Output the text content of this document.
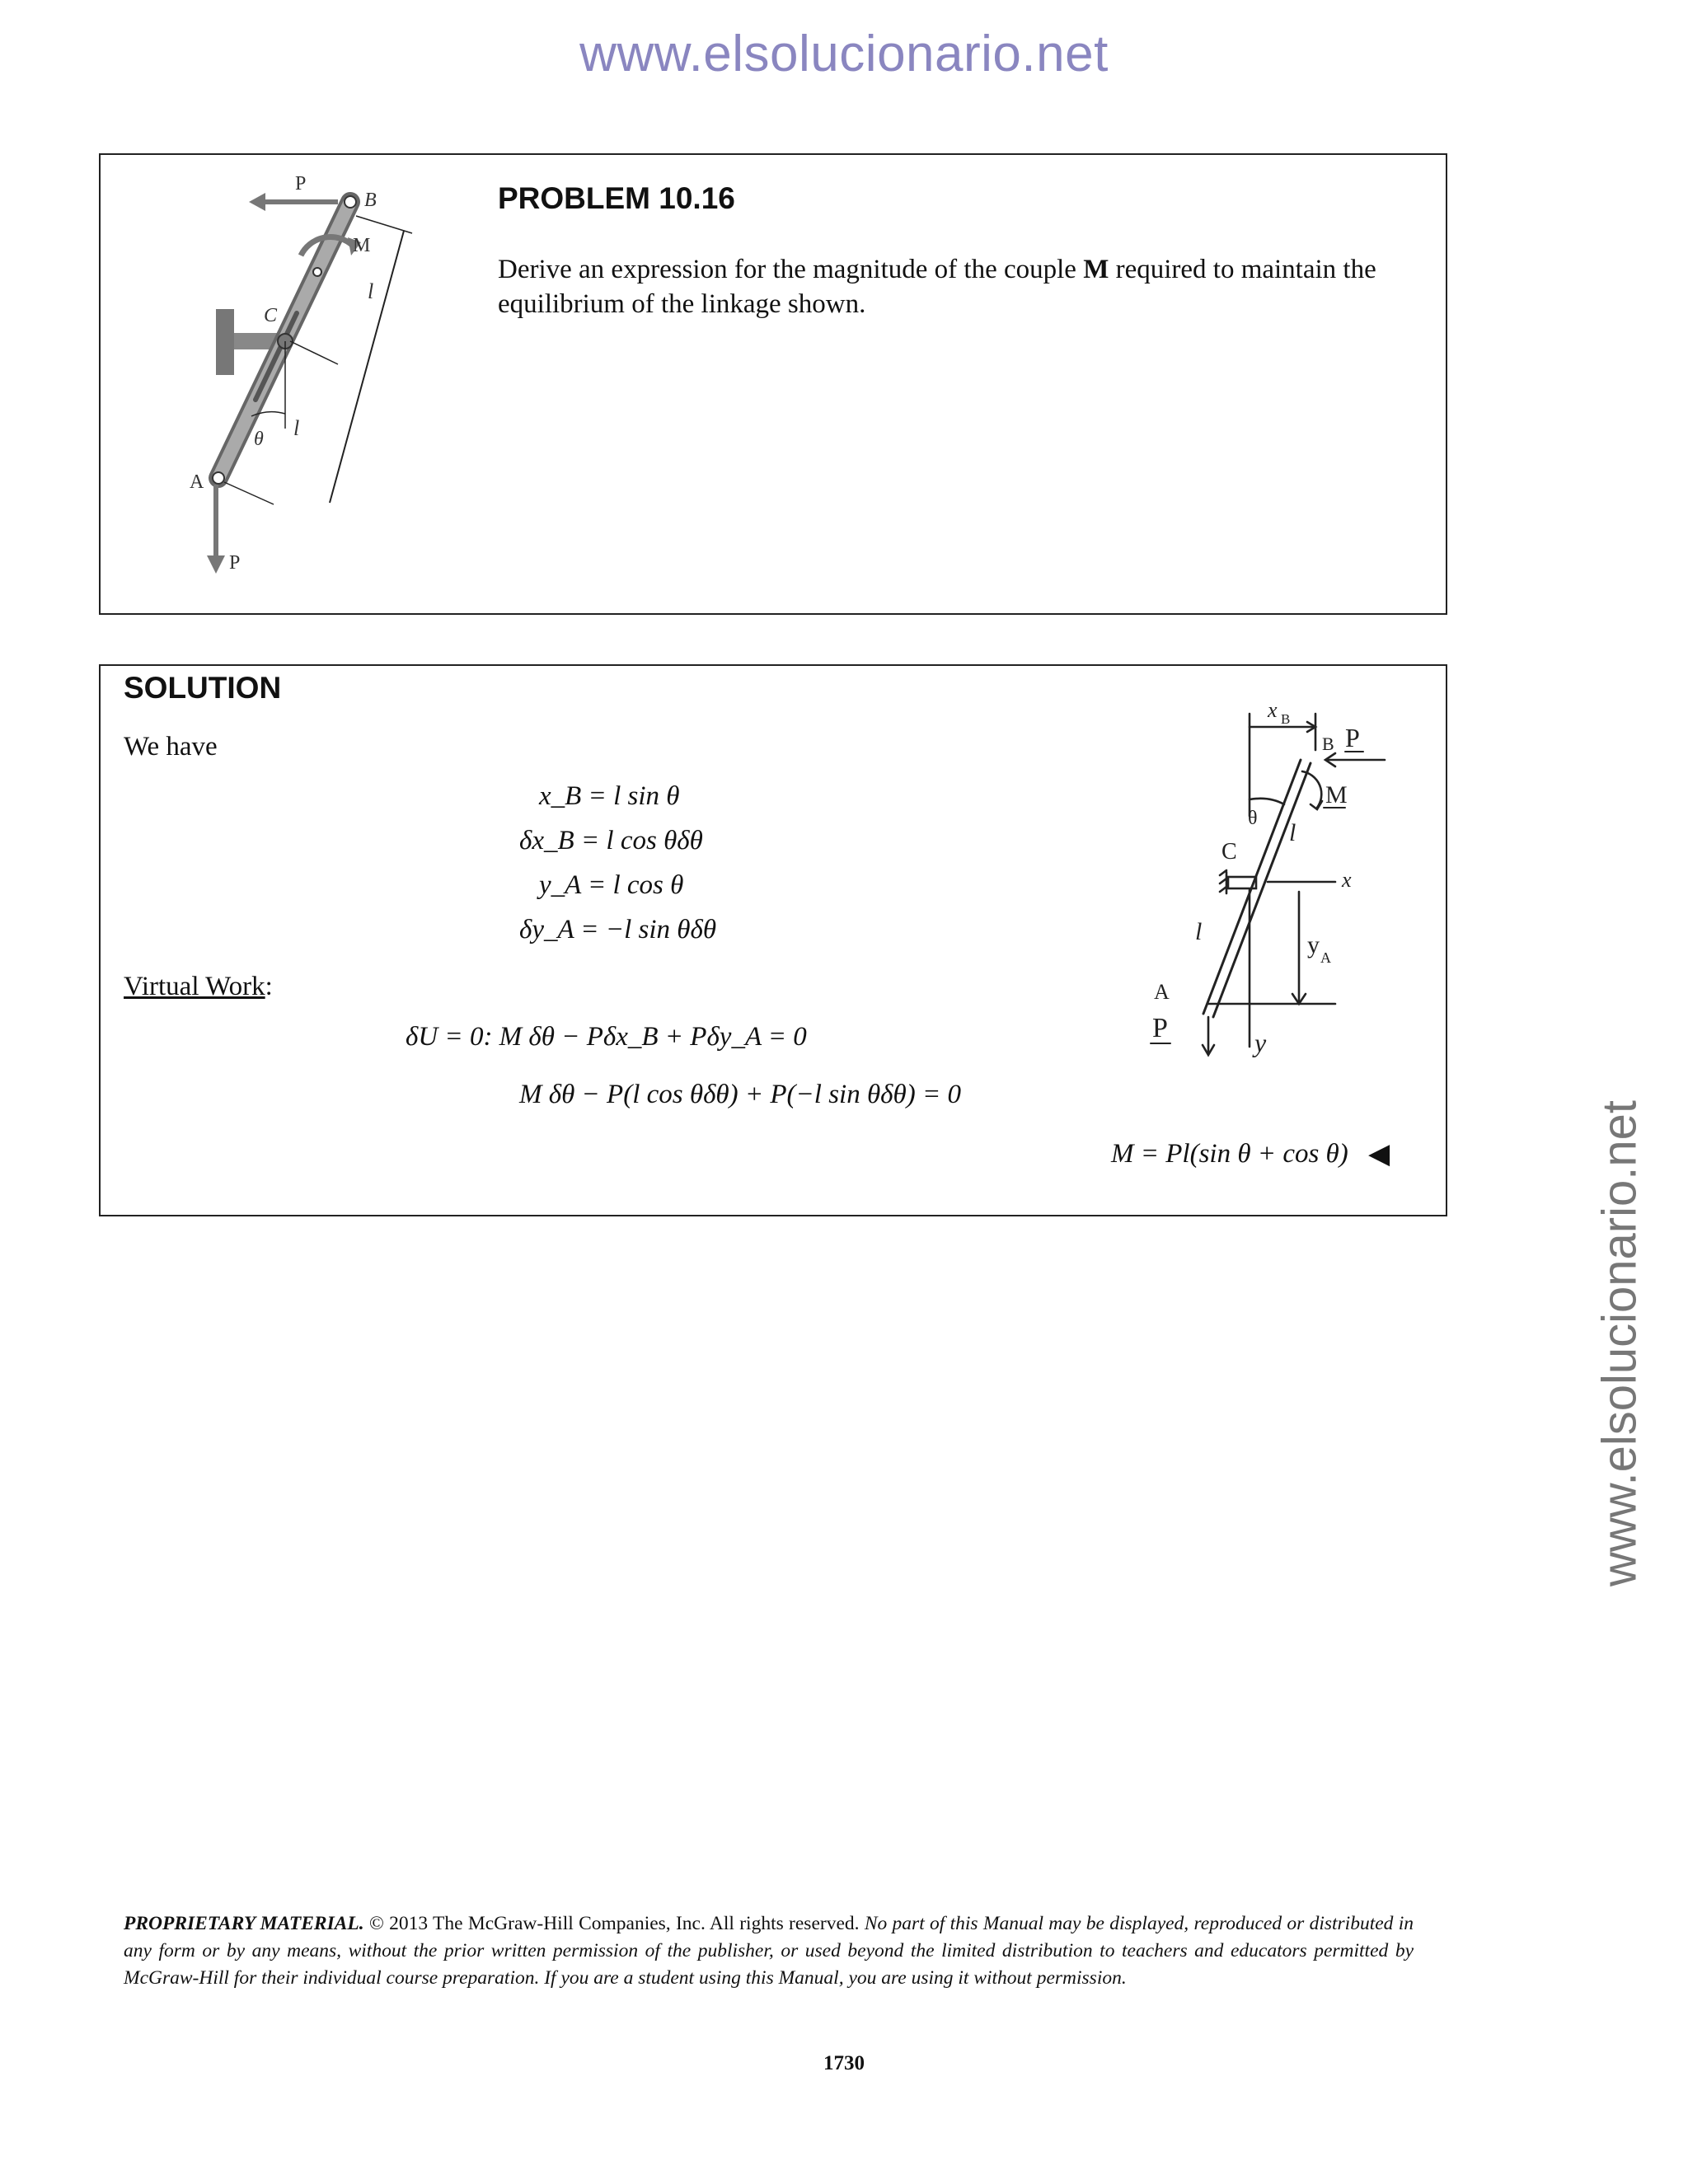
www.elsolucionario.net
www.elsolucionario.net
P
B
M
C
l
l
θ
A
P
PROBLEM 10.16
Derive an expression for the magnitude of the couple M required to maintain the equilibrium of the linkage shown.
SOLUTION
We have
x_B = l sin θ
δx_B = l cos θδθ
y_A = l cos θ
δy_A = −l sin θδθ
Virtual Work:
δU = 0: M δθ − Pδx_B + Pδy_A = 0
M δθ − P(l cos θδθ) + P(−l sin θδθ) = 0
M = Pl(sin θ + cos θ) ◀
x B
B P
θ
M
l
C
x
l	y A
A
P	y
PROPRIETARY MATERIAL. © 2013 The McGraw-Hill Companies, Inc. All rights reserved. No part of this Manual may be displayed, reproduced or distributed in any form or by any means, without the prior written permission of the publisher, or used beyond the limited distribution to teachers and educators permitted by McGraw-Hill for their individual course preparation. If you are a student using this Manual, you are using it without permission.
1730
